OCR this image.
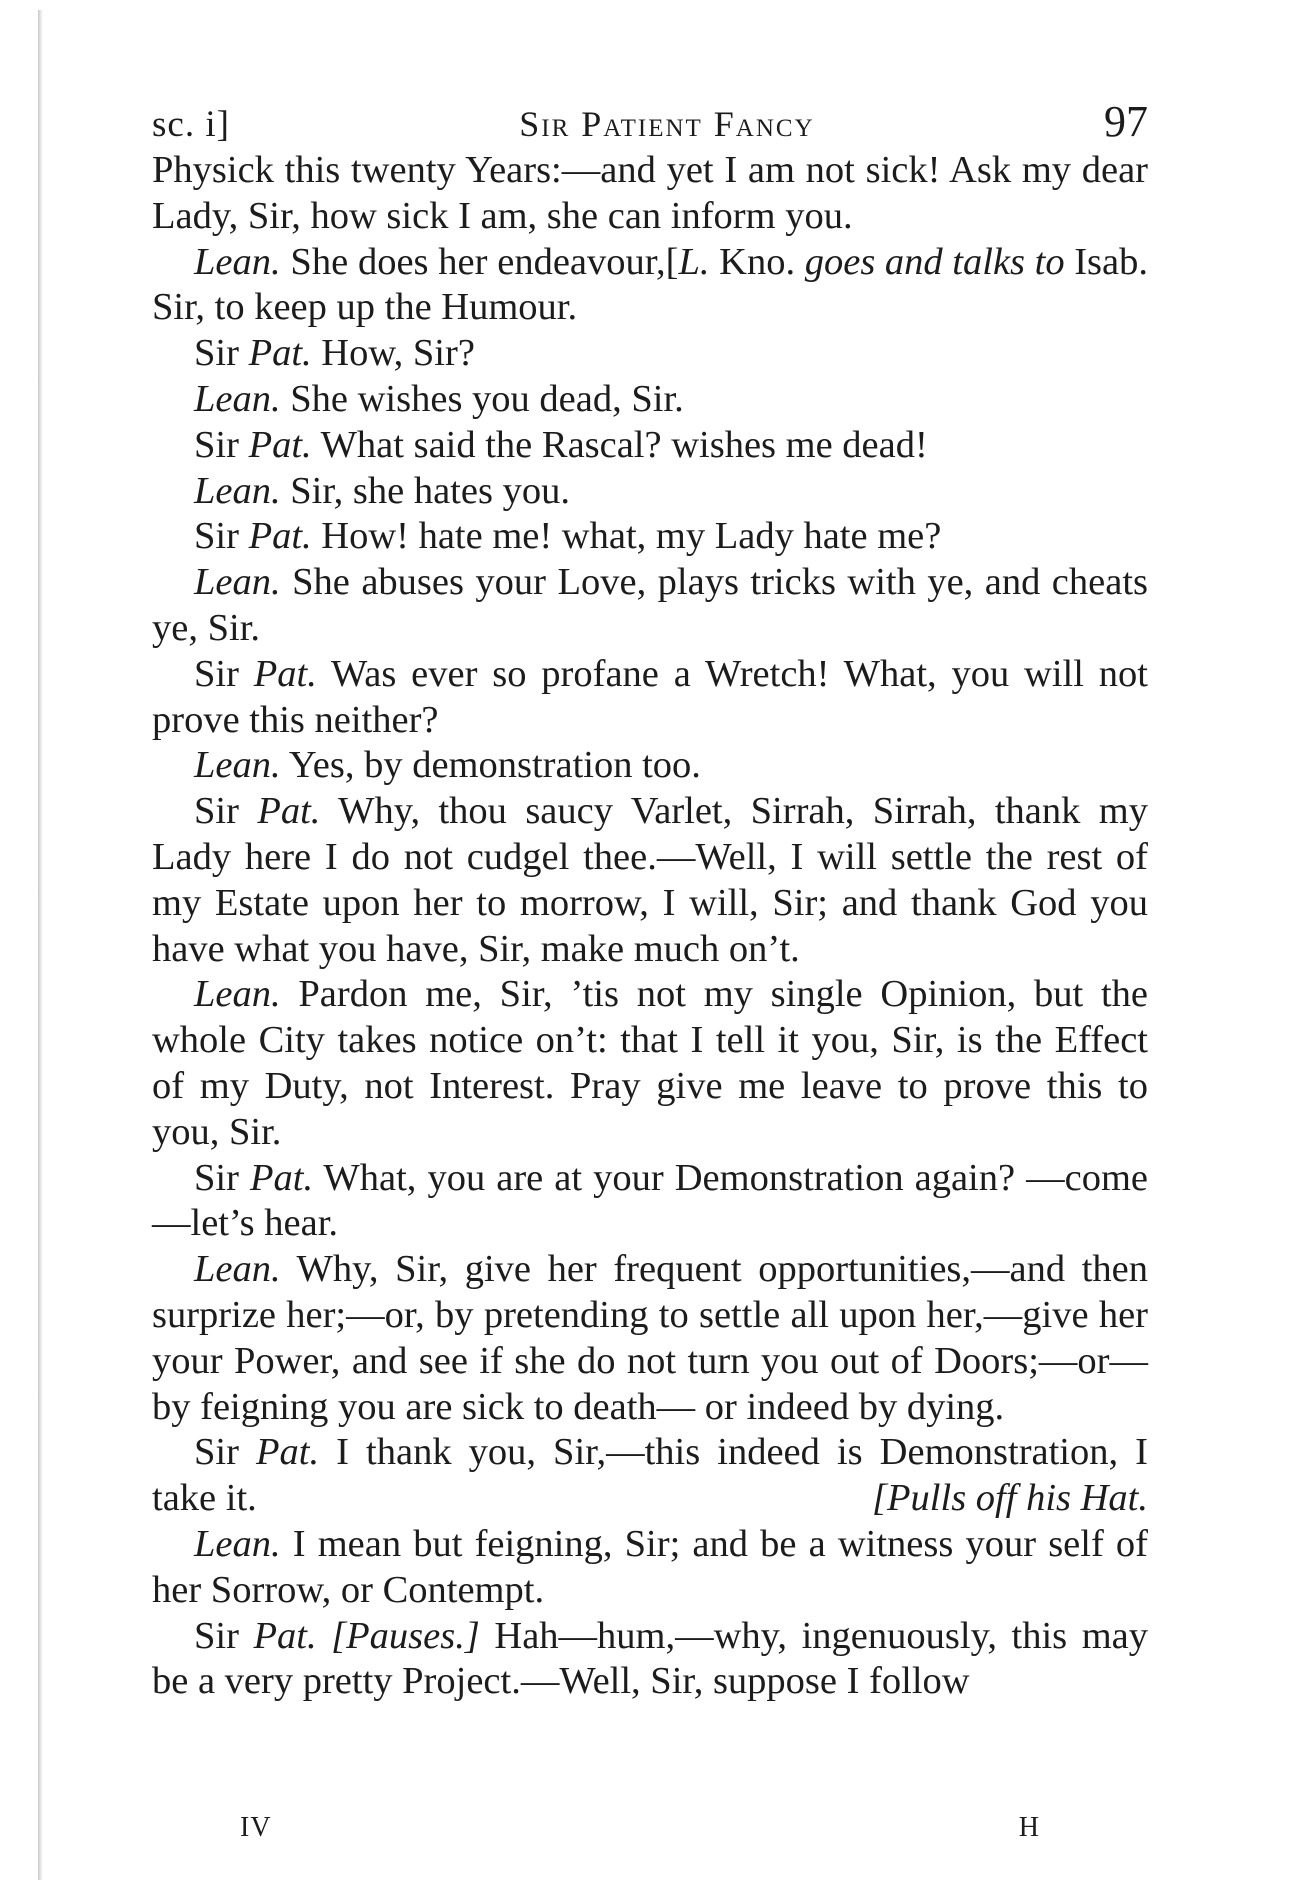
sc. i]	Sir Patient Fancy	97

Physick this twenty Years:—and yet I am not sick! Ask my dear Lady, Sir, how sick I am, she can inform you.
[L. Kno. goes and talks to Isab.

Lean. She does her endeavour, Sir, to keep up the Humour.

Sir Pat. How, Sir?

Lean. She wishes you dead, Sir.

Sir Pat. What said the Rascal? wishes me dead!

Lean. Sir, she hates you.

Sir Pat. How! hate me! what, my Lady hate me?

Lean. She abuses your Love, plays tricks with ye, and cheats ye, Sir.

Sir Pat. Was ever so profane a Wretch! What, you will not prove this neither?

Lean. Yes, by demonstration too.

Sir Pat. Why, thou saucy Varlet, Sirrah, Sirrah, thank my Lady here I do not cudgel thee.—Well, I will settle the rest of my Estate upon her to morrow, I will, Sir; and thank God you have what you have, Sir, make much on’t.

Lean. Pardon me, Sir, ’tis not my single Opinion, but the whole City takes notice on’t: that I tell it you, Sir, is the Effect of my Duty, not Interest. Pray give me leave to prove this to you, Sir.

Sir Pat. What, you are at your Demonstration again? —come—let’s hear.

Lean. Why, Sir, give her frequent opportunities,—and then surprize her;—or, by pretending to settle all upon her,—give her your Power, and see if she do not turn you out of Doors;—or—by feigning you are sick to death— or indeed by dying.

Sir Pat. I thank you, Sir,—this indeed is Demonstration, I take it.	[Pulls off his Hat.

Lean. I mean but feigning, Sir; and be a witness your self of her Sorrow, or Contempt.

Sir Pat. [Pauses.] Hah—hum,—why, ingenuously, this may be a very pretty Project.—Well, Sir, suppose I follow

IV	H
